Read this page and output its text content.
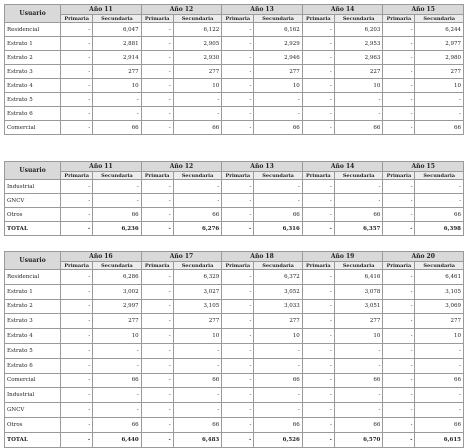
Usuario	Año 11		Año 12		Año 13		Año 14		Año 15	
	Primaria	Secundaria	Primaria	Secundaria	Primaria	Secundaria	Primaria	Secundaria	Primaria	Secundaria
Residencial	-	6,047	-	6,122	-	6,162	-	6,203	-	6,244
Estrato 1	-	2,881	-	2,905	-	2,929	-	2,953	-	2,977
Estrato 2	-	2,914	-	2,930	-	2,946	-	2,963	-	2,980
Estrato 3	-	277	-	277	-	277	-	227	-	277
Estrato 4	-	10	-	10	-	10	-	10	-	10
Estrato 5	-	-	-	-	-	-	-	-	-	-
Estrato 6	-	-	-	-	-	-	-	-	-	-
Comercial	-	66	-	66	-	66	-	66	-	66
Usuario	Año 11		Año 12		Año 13		Año 14		Año 15	
	Primaria	Secundaria	Primaria	Secundaria	Primaria	Secundaria	Primaria	Secundaria	Primaria	Secundaria
Industrial	-	-	-	-	-	-	-	-	-	-
GNCV	-	-	-	-	-	-	-	-	-	-
Otros	-	66	-	66	-	66	-	66	-	66
TOTAL	-	6,236	-	6,276	-	6,316	-	6,357	-	6,398
Usuario	Año 16		Año 17		Año 18		Año 19		Año 20	
	Primaria	Secundaria	Primaria	Secundaria	Primaria	Secundaria	Primaria	Secundaria	Primaria	Secundaria
Residencial	-	6,286	-	6,329	-	6,372	-	6,416	-	6,461
Estrato 1	-	3,002	-	3,027	-	3,052	-	3,078	-	3,105
Estrato 2	-	2,997	-	3,105	-	3,033	-	3,051	-	3,069
Estrato 3	-	277	-	277	-	277	-	277	-	277
Estrato 4	-	10	-	10	-	10	-	10	-	10
Estrato 5	-	-	-	-	-	-	-	-	-	-
Estrato 6	-	-	-	-	-	-	-	-	-	-
Comercial	-	66	-	66	-	66	-	66	-	66
Industrial	-	-	-	-	-	-	-	-	-	-
GNCV	-	-	-	-	-	-	-	-	-	-
Otros	-	66	-	66	-	66	-	66	-	66
TOTAL	-	6,440	-	6,483	-	6,526	-	6,570	-	6,615
